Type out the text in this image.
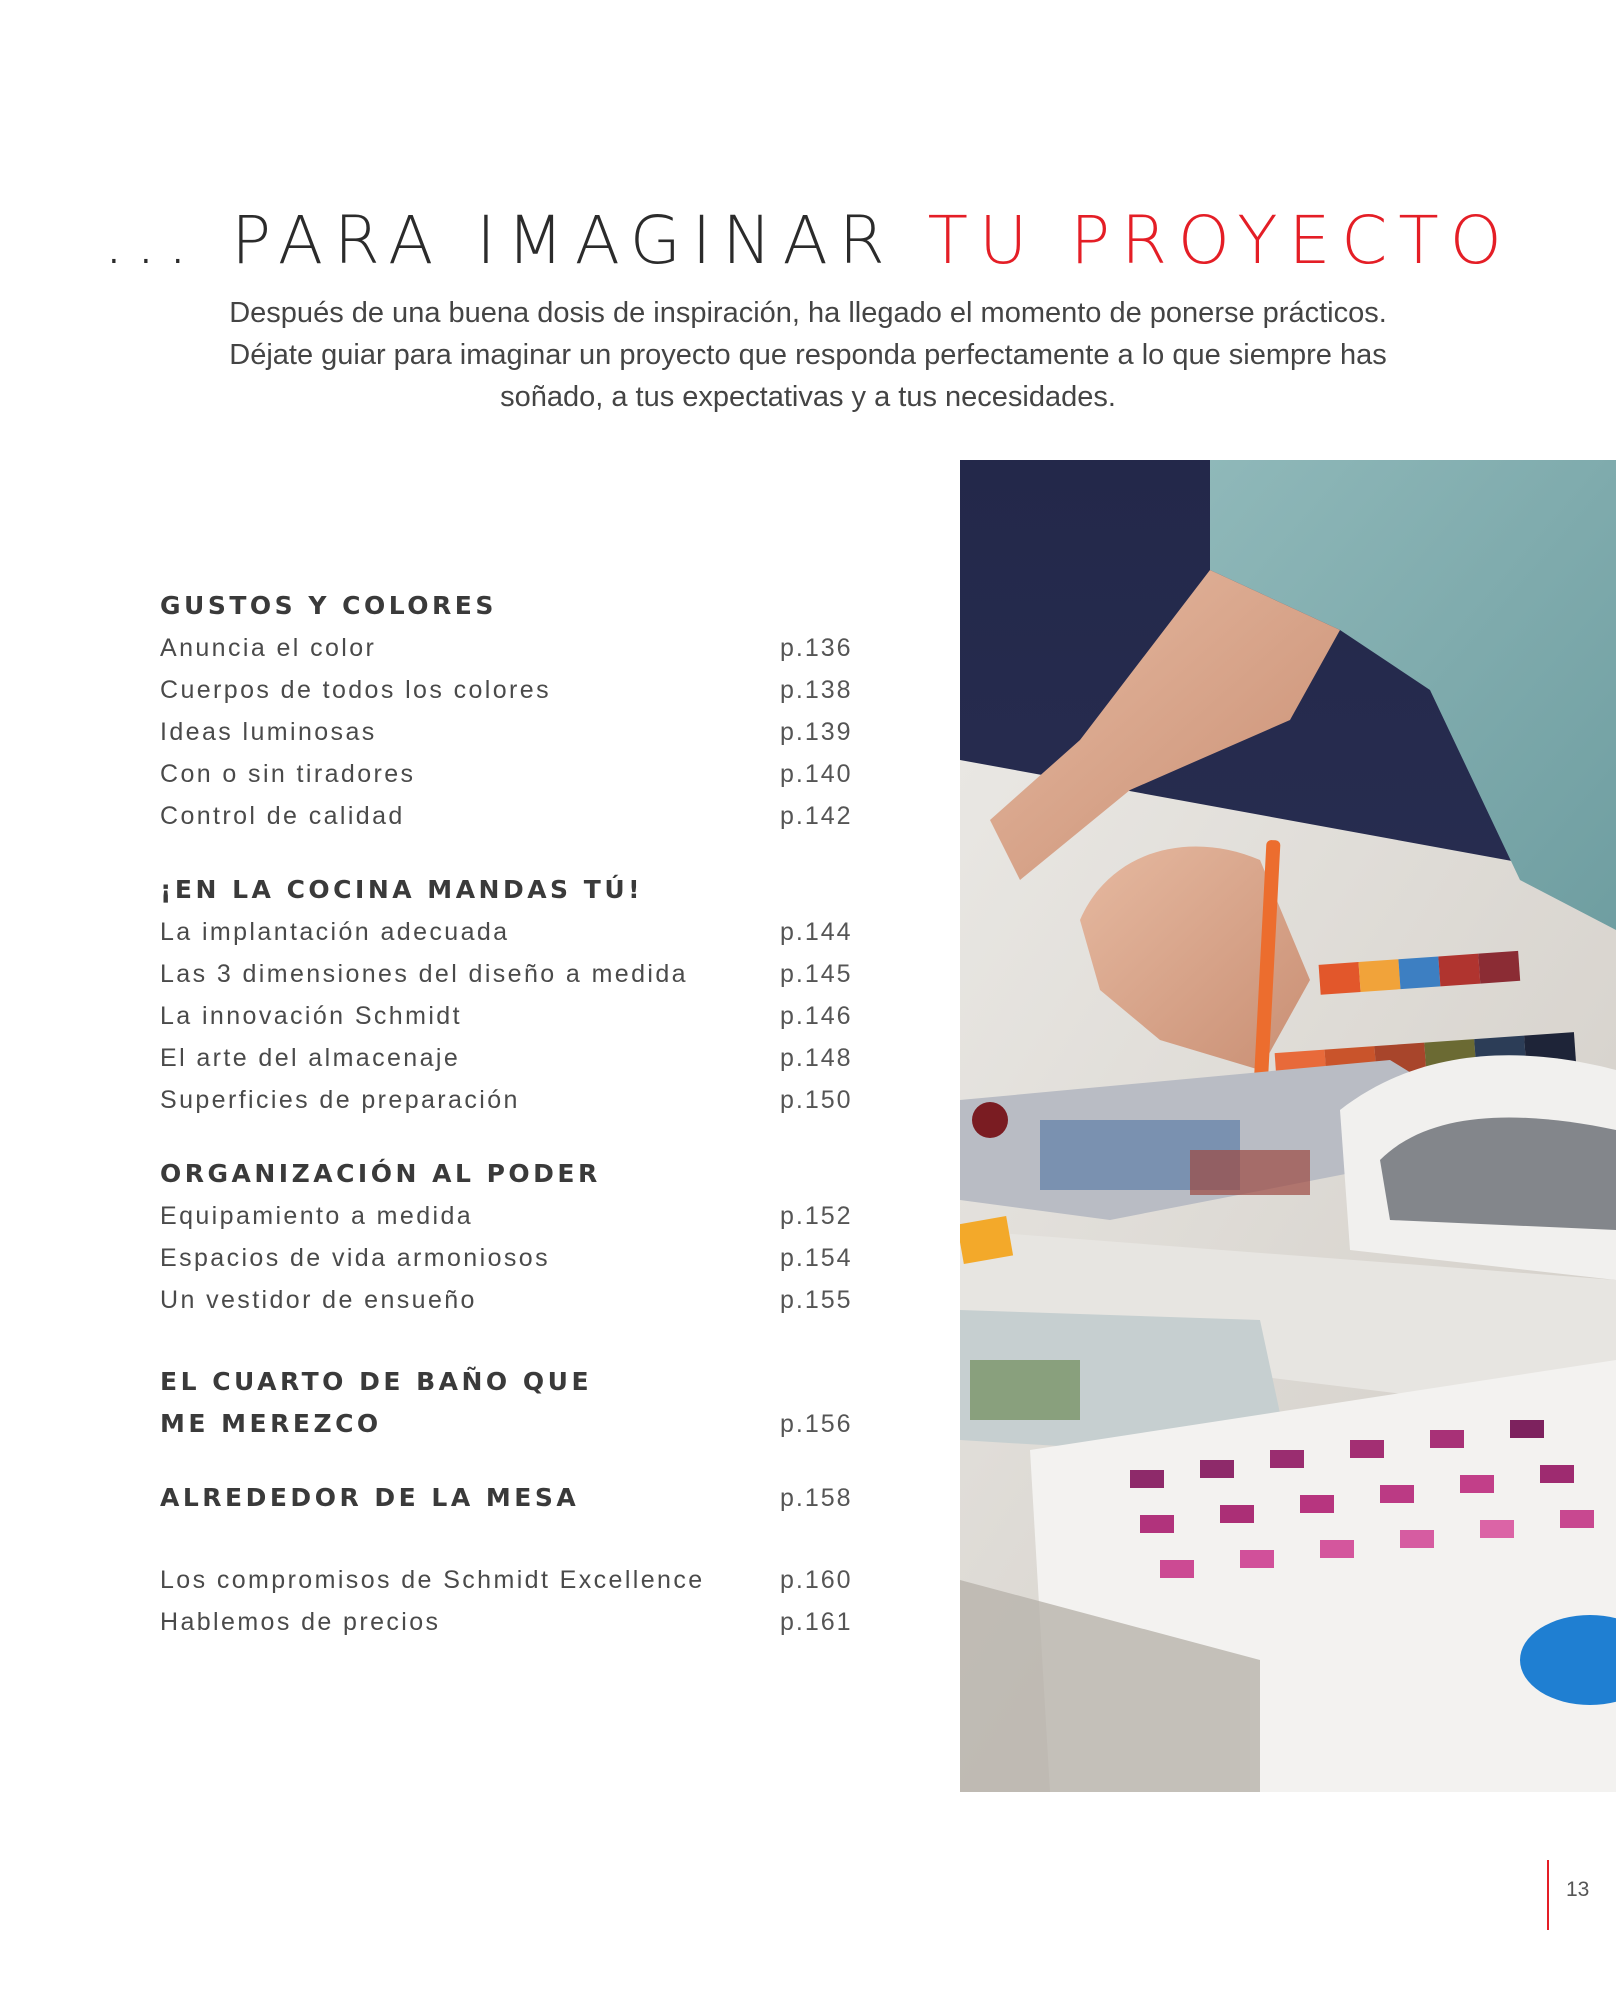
... PARA IMAGINAR TU PROYECTO
Después de una buena dosis de inspiración, ha llegado el momento de ponerse prácticos.
Déjate guiar para imaginar un proyecto que responda perfectamente a lo que siempre has
soñado, a tus expectativas y a tus necesidades.
GUSTOS Y COLORES
Anuncia el color	p.136
Cuerpos de todos los colores	p.138
Ideas luminosas	p.139
Con o sin tiradores	p.140
Control de calidad	p.142
¡EN LA COCINA MANDAS TÚ!
La implantación adecuada	p.144
Las 3 dimensiones del diseño a medida	p.145
La innovación Schmidt	p.146
El arte del almacenaje	p.148
Superficies de preparación	p.150
ORGANIZACIÓN AL PODER
Equipamiento a medida	p.152
Espacios de vida armoniosos	p.154
Un vestidor de ensueño	p.155
EL CUARTO DE BAÑO QUE
ME MEREZCO	p.156
ALREDEDOR DE LA MESA	p.158
Los compromisos de Schmidt Excellence	p.160
Hablemos de precios	p.161
13
